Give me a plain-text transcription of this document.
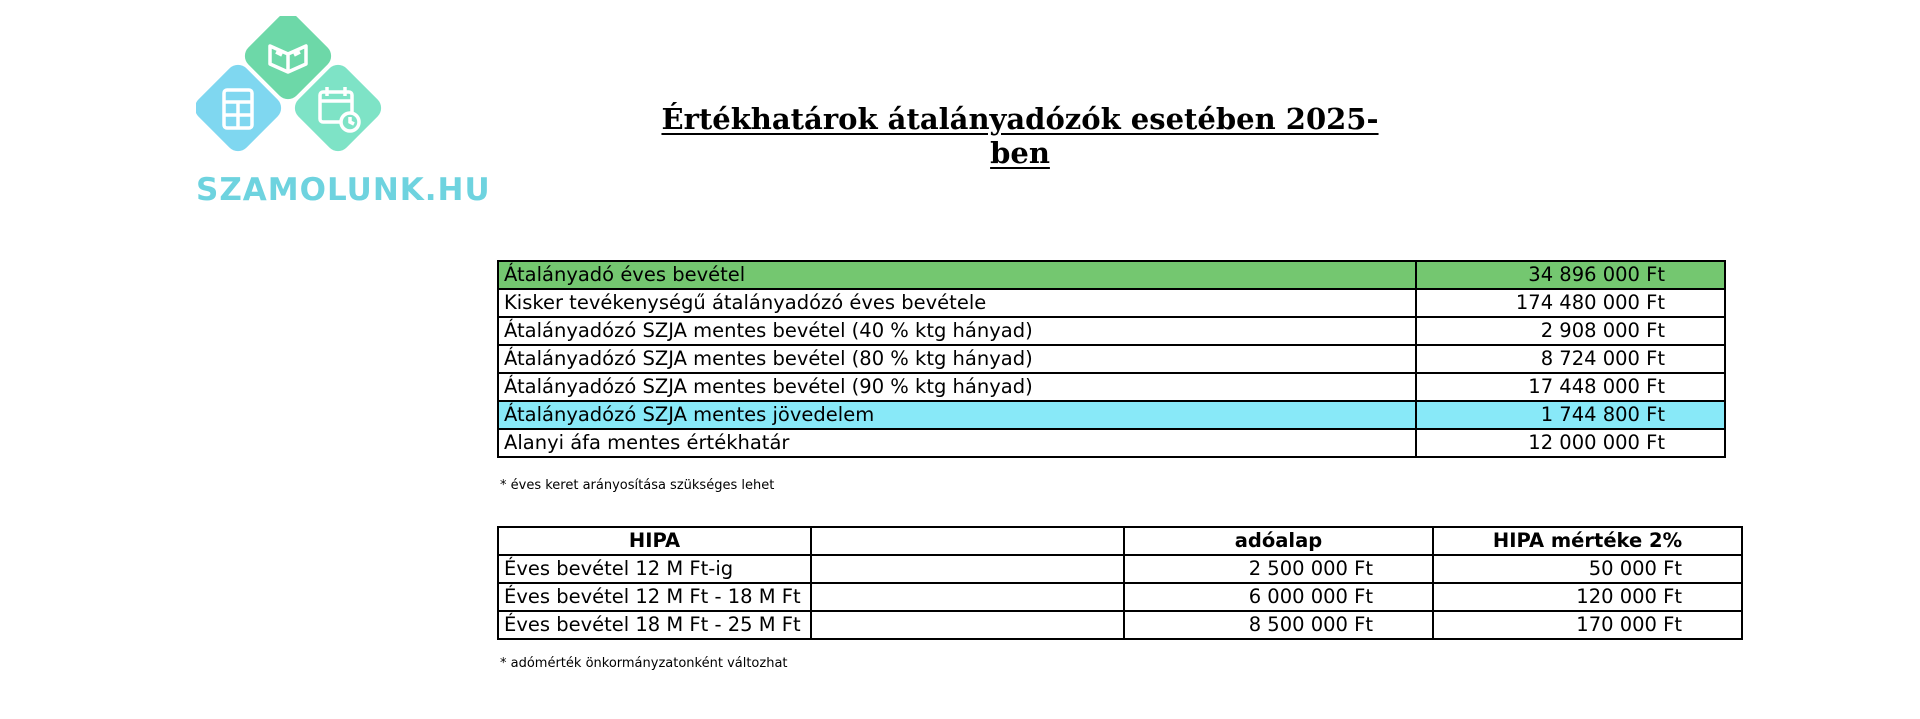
SZAMOLUNK.HU
Értékhatárok átalányadózók esetében 2025-ben
Átalányadó éves bevétel	34 896 000 Ft
Kisker tevékenységű átalányadózó éves bevétele	174 480 000 Ft
Átalányadózó SZJA mentes bevétel (40 % ktg hányad)	2 908 000 Ft
Átalányadózó SZJA mentes bevétel (80 % ktg hányad)	8 724 000 Ft
Átalányadózó SZJA mentes bevétel (90 % ktg hányad)	17 448 000 Ft
Átalányadózó SZJA mentes jövedelem	1 744 800 Ft
Alanyi áfa mentes értékhatár	12 000 000 Ft
* éves keret arányosítása szükséges lehet
HIPA		adóalap	HIPA mértéke 2%
Éves bevétel 12 M Ft-ig		2 500 000 Ft	50 000 Ft
Éves bevétel 12 M Ft - 18 M Ft		6 000 000 Ft	120 000 Ft
Éves bevétel 18 M Ft - 25 M Ft		8 500 000 Ft	170 000 Ft
* adómérték önkormányzatonként változhat
